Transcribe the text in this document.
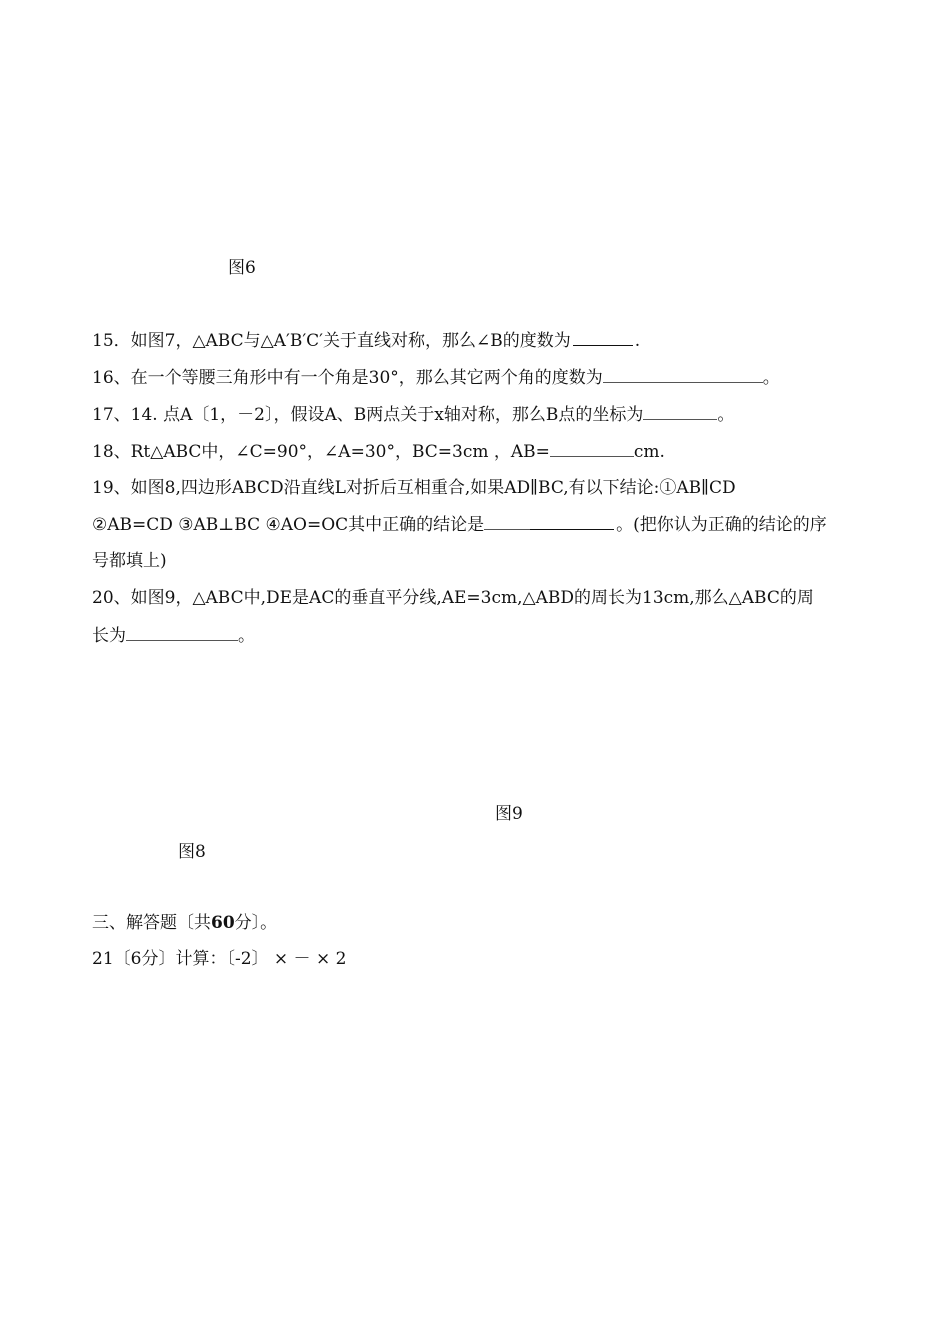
图6
15．如图7，△ABC与△A′B′C′关于直线对称，那么∠B的度数为	.
16、在一个等腰三角形中有一个角是30°，那么其它两个角的度数为	。
17、14. 点A〔1，－2〕，假设A、B两点关于x轴对称，那么B点的坐标为	。
18、Rt△ABC中，∠C=90°，∠A=30°，BC=3cm ，AB=	cm.
19、如图8,四边形ABCD沿直线L对折后互相重合,如果AD∥BC,有以下结论:①AB∥CD
②AB=CD ③AB⊥BC ④AO=OC其中正确的结论是	。(把你认为正确的结论的序
号都填上)
20、如图9，△ABC中,DE是AC的垂直平分线,AE=3cm,△ABD的周长为13cm,那么△ABC的周
长为	。
图9
图8
三、解答题〔共60分〕。
21〔6分〕计算：〔-2〕 × － × 2
